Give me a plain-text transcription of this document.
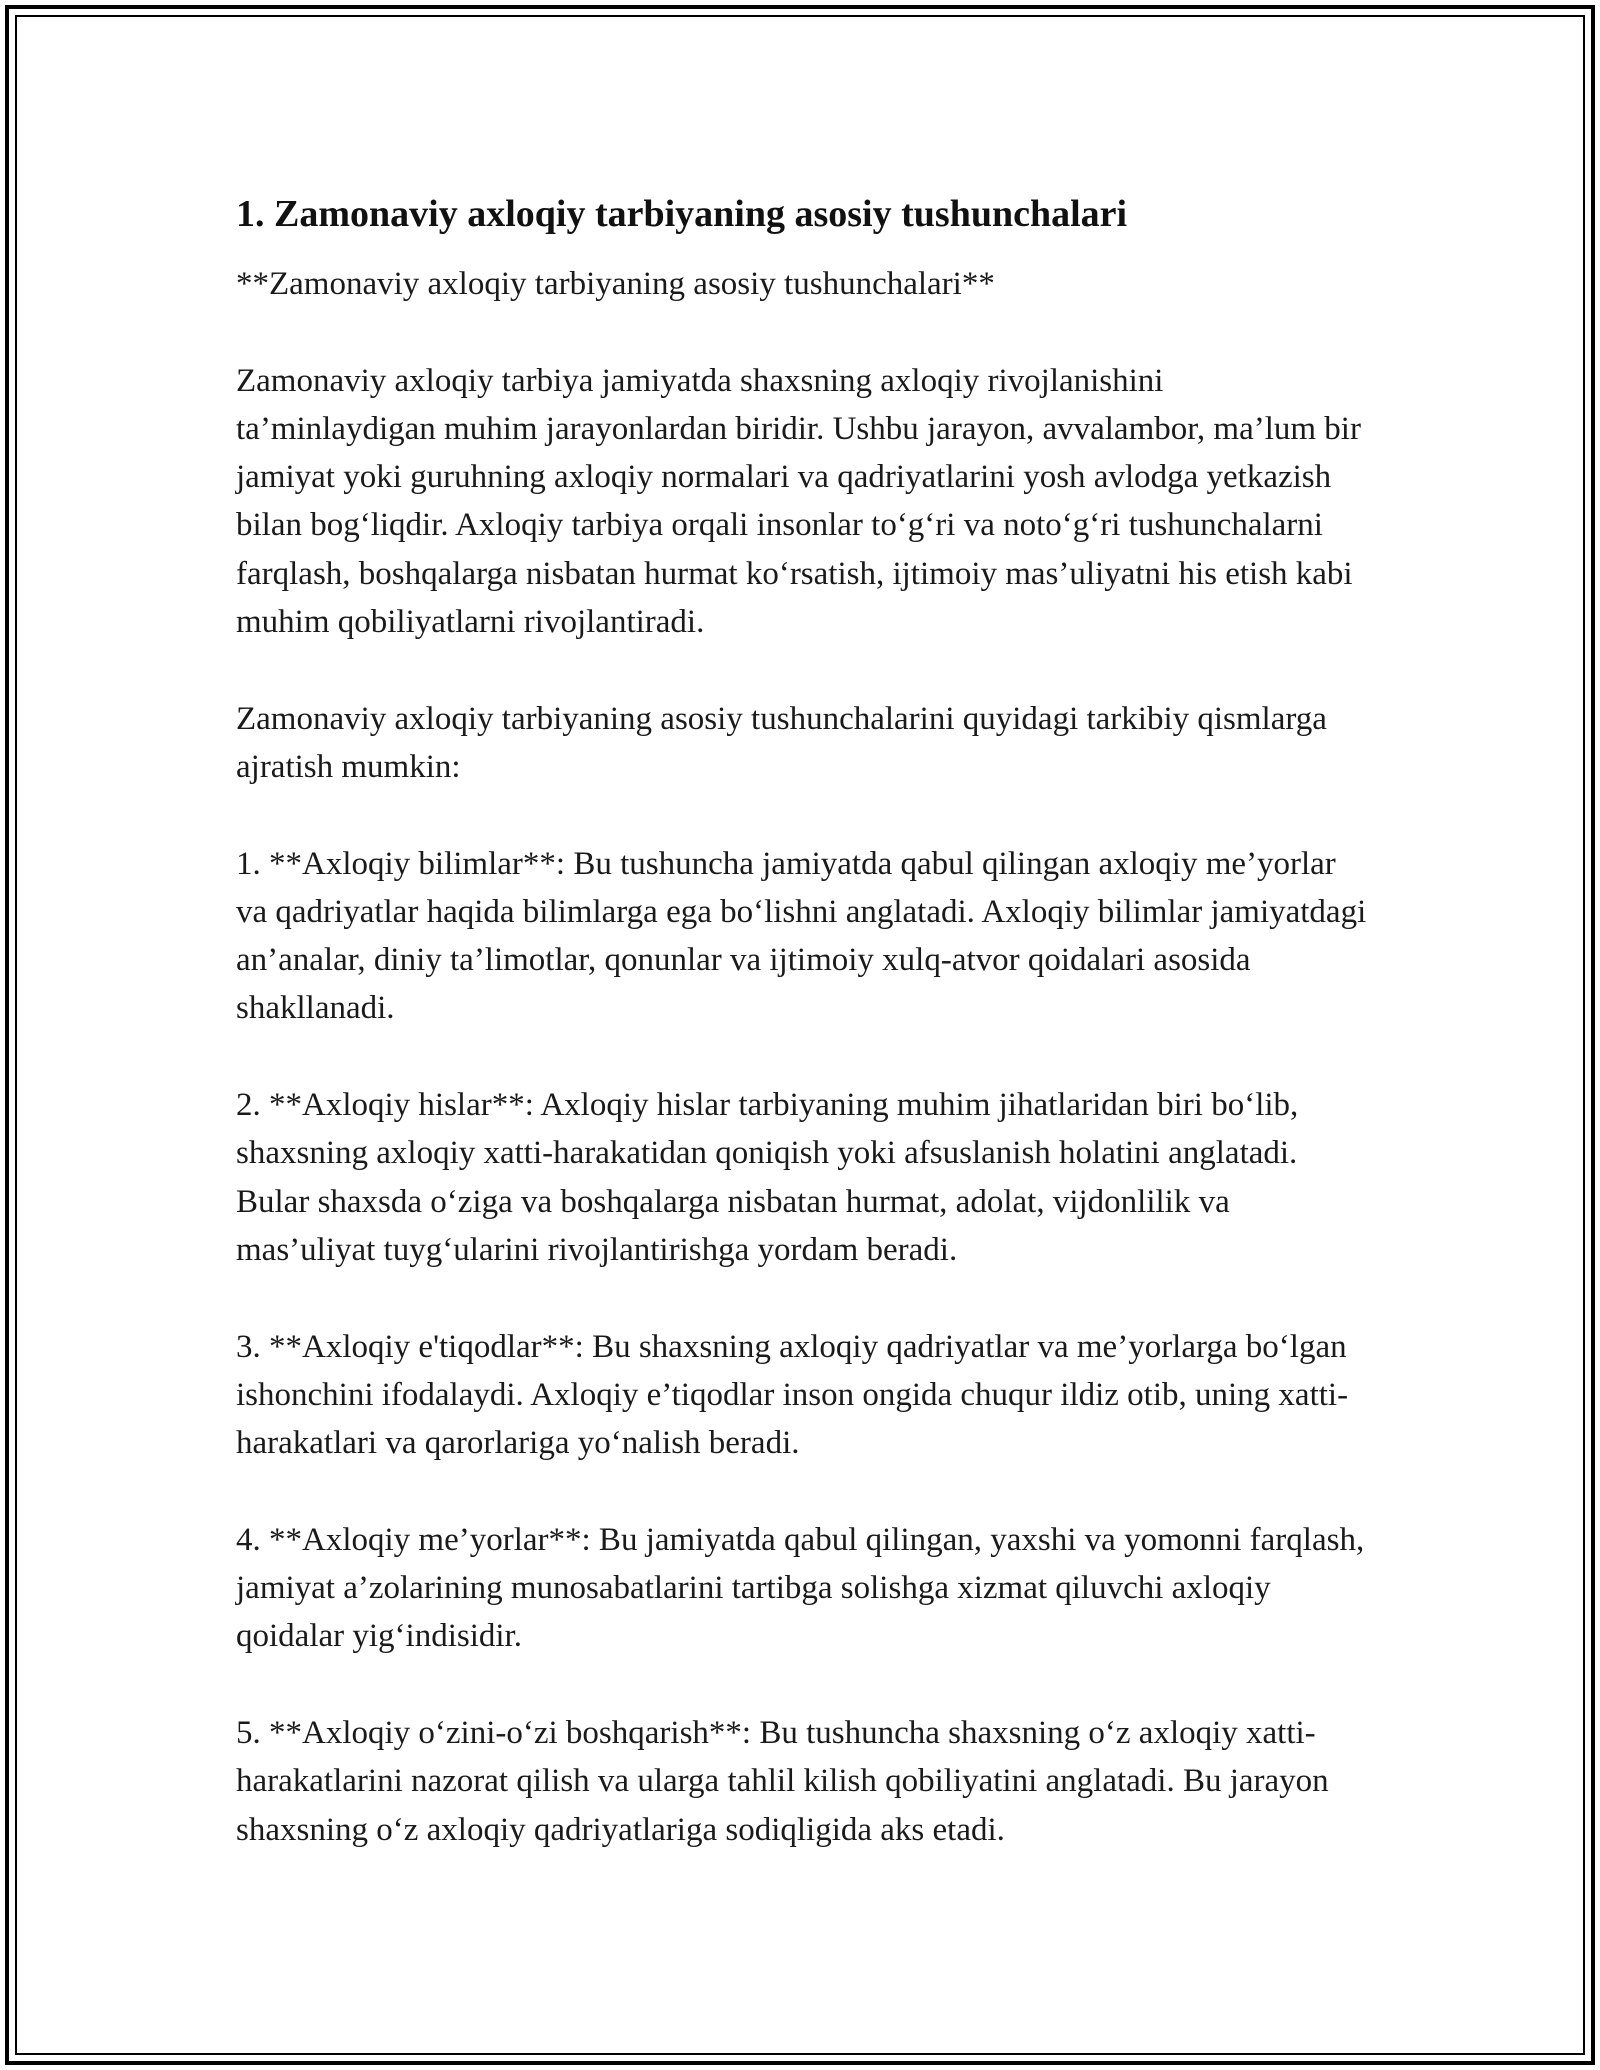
1. Zamonaviy axloqiy tarbiyaning asosiy tushunchalari

**Zamonaviy axloqiy tarbiyaning asosiy tushunchalari**

Zamonaviy axloqiy tarbiya jamiyatda shaxsning axloqiy rivojlanishini ta’minlaydigan muhim jarayonlardan biridir. Ushbu jarayon, avvalambor, ma’lum bir jamiyat yoki guruhning axloqiy normalari va qadriyatlarini yosh avlodga yetkazish bilan bog‘liqdir. Axloqiy tarbiya orqali insonlar to‘g‘ri va noto‘g‘ri tushunchalarni farqlash, boshqalarga nisbatan hurmat ko‘rsatish, ijtimoiy mas’uliyatni his etish kabi muhim qobiliyatlarni rivojlantiradi.

Zamonaviy axloqiy tarbiyaning asosiy tushunchalarini quyidagi tarkibiy qismlarga ajratish mumkin:

1. **Axloqiy bilimlar**: Bu tushuncha jamiyatda qabul qilingan axloqiy me’yorlar va qadriyatlar haqida bilimlarga ega bo‘lishni anglatadi. Axloqiy bilimlar jamiyatdagi an’analar, diniy ta’limotlar, qonunlar va ijtimoiy xulq-atvor qoidalari asosida shakllanadi.

2. **Axloqiy hislar**: Axloqiy hislar tarbiyaning muhim jihatlaridan biri bo‘lib, shaxsning axloqiy xatti-harakatidan qoniqish yoki afsuslanish holatini anglatadi. Bular shaxsda o‘ziga va boshqalarga nisbatan hurmat, adolat, vijdonlilik va mas’uliyat tuyg‘ularini rivojlantirishga yordam beradi.

3. **Axloqiy e'tiqodlar**: Bu shaxsning axloqiy qadriyatlar va me’yorlarga bo‘lgan ishonchini ifodalaydi. Axloqiy e’tiqodlar inson ongida chuqur ildiz otib, uning xatti-harakatlari va qarorlariga yo‘nalish beradi.

4. **Axloqiy me’yorlar**: Bu jamiyatda qabul qilingan, yaxshi va yomonni farqlash, jamiyat a’zolarining munosabatlarini tartibga solishga xizmat qiluvchi axloqiy qoidalar yig‘indisidir.

5. **Axloqiy o‘zini-o‘zi boshqarish**: Bu tushuncha shaxsning o‘z axloqiy xatti-harakatlarini nazorat qilish va ularga tahlil kilish qobiliyatini anglatadi. Bu jarayon shaxsning o‘z axloqiy qadriyatlariga sodiqligida aks etadi.
